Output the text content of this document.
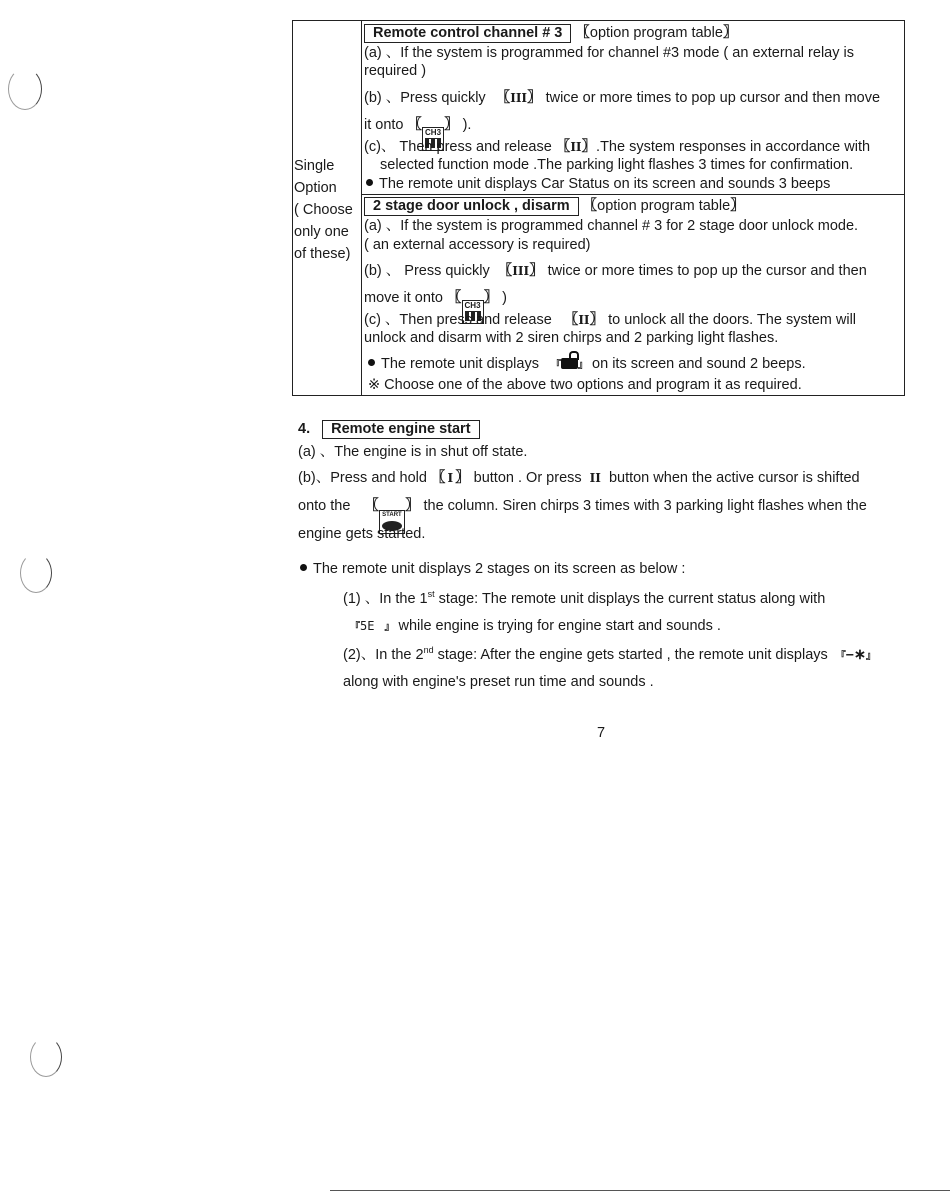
Single
Option
( Choose
only one
of these)
Remote control channel # 3 〖option program table〗
(a) 、If the system is programmed for channel #3 mode ( an external relay is
required )
(b) 、Press quickly 〖III〗 twice or more times to pop up cursor and then move
it onto 〖 CH3 〗 ).
(c)、 Then press and release 〖II〗.The system responses in accordance with
selected function mode .The parking light flashes 3 times for confirmation.
The remote unit displays Car Status on its screen and sounds 3 beeps
2 stage door unlock , disarm 〖option program table〗
(a) 、If the system is programmed channel # 3 for 2 stage door unlock mode.
( an external accessory is required)
(b) 、 Press quickly 〖III〗 twice or more times to pop up the cursor and then
move it onto 〖 CH3 〗 )
(c) 、Then press and release 〖II〗 to unlock all the doors. The system will
unlock and disarm with 2 siren chirps and 2 parking light flashes.
The remote unit displays 『 』 on its screen and sound 2 beeps.
※ Choose one of the above two options and program it as required.
4. Remote engine start
(a) 、The engine is in shut off state.
(b)、Press and hold 〖 I 〗 button . Or press II button when the active cursor is shifted
onto the 〖START
〗 the column. Siren chirps 3 times with 3 parking light flashes when the
engine gets started.
The remote unit displays 2 stages on its screen as below :
(1) 、In the 1st stage: The remote unit displays the current status along with
『5E 』 while engine is trying for engine start and sounds .
(2)、In the 2nd stage: After the engine gets started , the remote unit displays 『–∗』
along with engine's preset run time and sounds .
7
